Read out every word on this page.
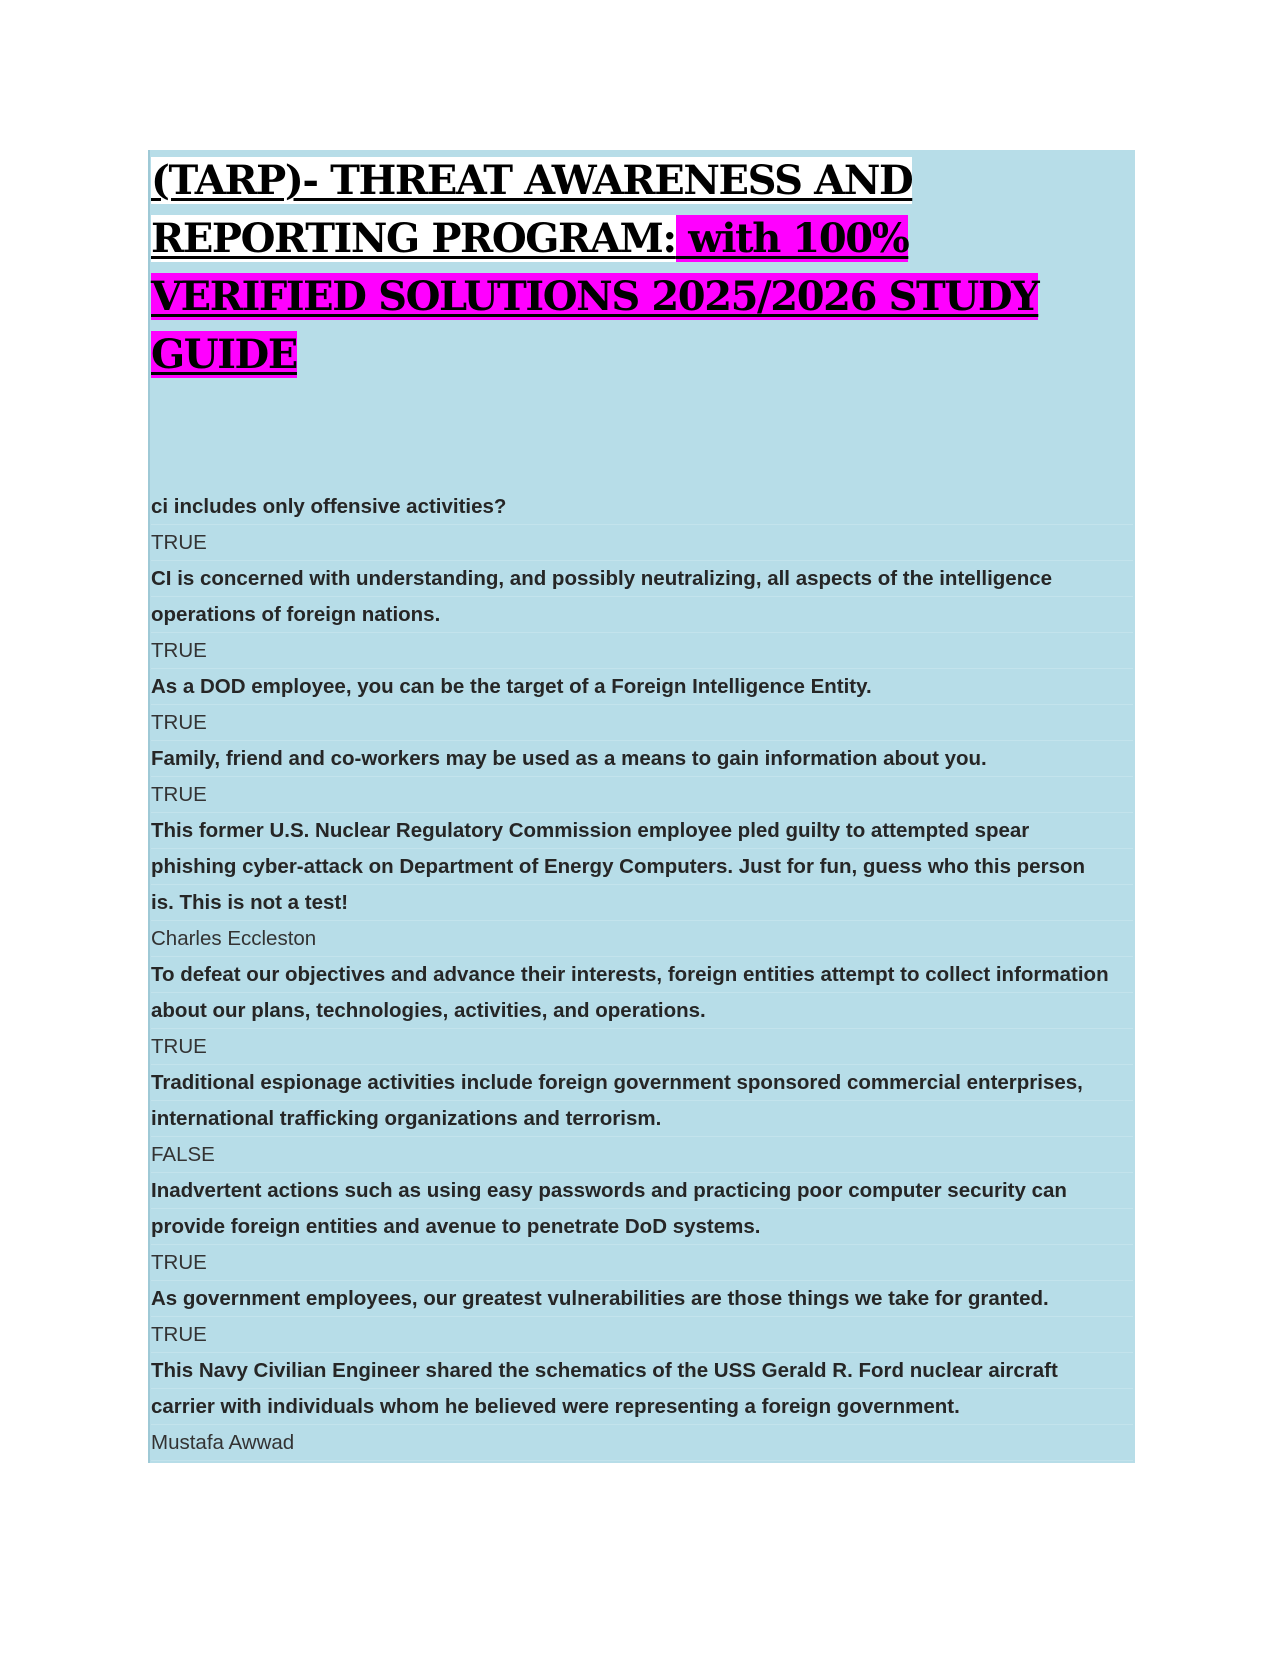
(TARP)- THREAT AWARENESS AND REPORTING PROGRAM: with 100% VERIFIED SOLUTIONS 2025/2026 STUDY GUIDE
ci includes only offensive activities?
TRUE
CI is concerned with understanding, and possibly neutralizing, all aspects of the intelligence
operations of foreign nations.
TRUE
As a DOD employee, you can be the target of a Foreign Intelligence Entity.
TRUE
Family, friend and co-workers may be used as a means to gain information about you.
TRUE
This former U.S. Nuclear Regulatory Commission employee pled guilty to attempted spear
phishing cyber-attack on Department of Energy Computers. Just for fun, guess who this person
is. This is not a test!
Charles Eccleston
To defeat our objectives and advance their interests, foreign entities attempt to collect information
about our plans, technologies, activities, and operations.
TRUE
Traditional espionage activities include foreign government sponsored commercial enterprises,
international trafficking organizations and terrorism.
FALSE
Inadvertent actions such as using easy passwords and practicing poor computer security can
provide foreign entities and avenue to penetrate DoD systems.
TRUE
As government employees, our greatest vulnerabilities are those things we take for granted.
TRUE
This Navy Civilian Engineer shared the schematics of the USS Gerald R. Ford nuclear aircraft
carrier with individuals whom he believed were representing a foreign government.
Mustafa Awwad
